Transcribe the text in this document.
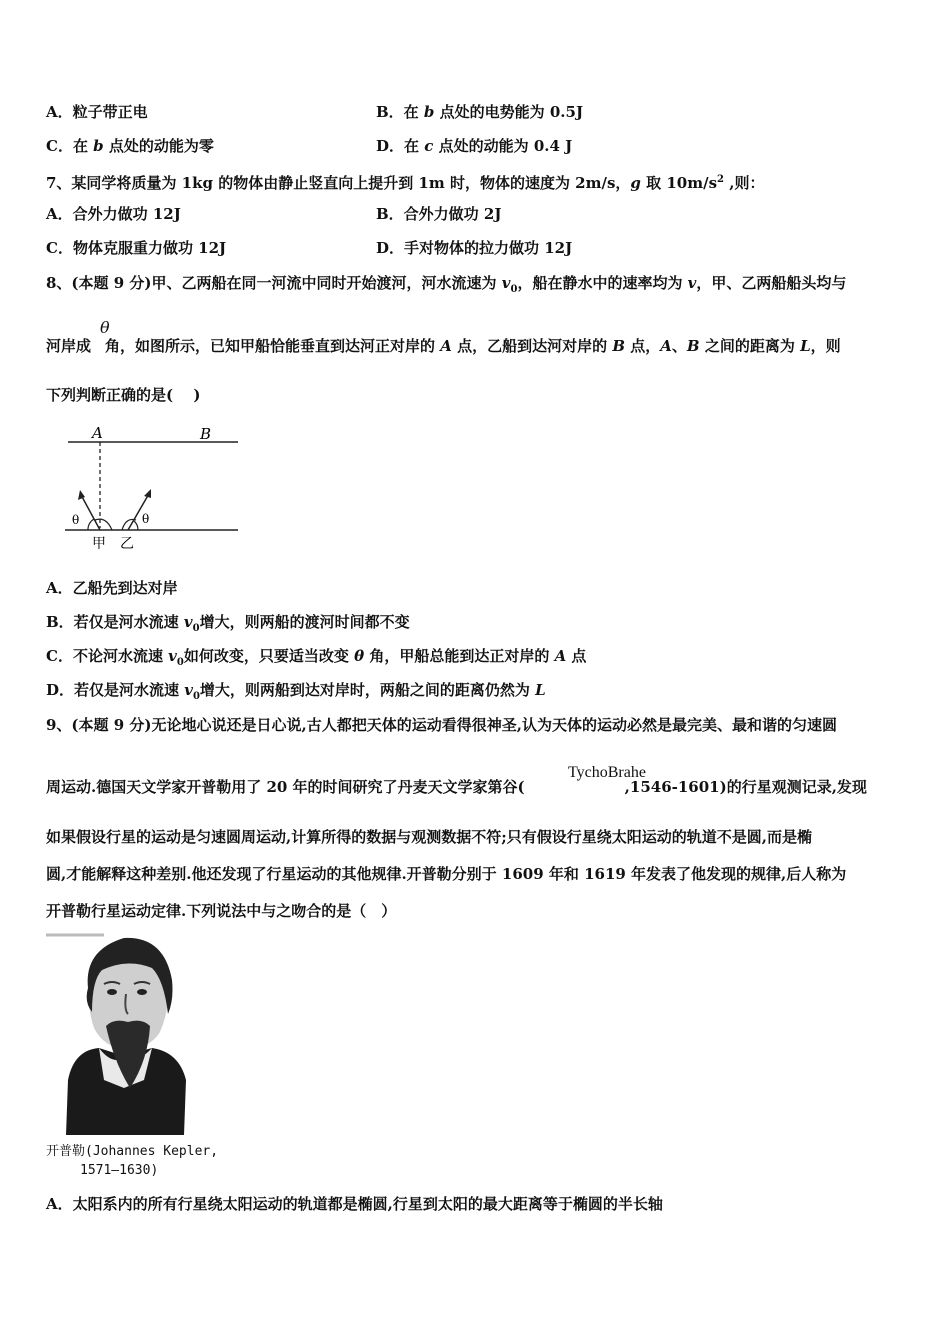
A．粒子带正电	B．在 b 点处的电势能为 0.5J
C．在 b 点处的动能为零	D．在 c 点处的动能为 0.4 J
7、某同学将质量为 1kg 的物体由静止竖直向上提升到 1m 时，物体的速度为 2m/s，g 取 $10m/s^2$ ,则：
A．合外力做功 12J	B．合外力做功 2J
C．物体克服重力做功 12J	D．手对物体的拉力做功 12J
8、(本题 9 分)甲、乙两船在同一河流中同时开始渡河，河水流速为 $v_0$，船在静水中的速率均为 v，甲、乙两船船头均与
θ
河岸成 角，如图所示，已知甲船恰能垂直到达河正对岸的 A 点，乙船到达河对岸的 B 点，A、B 之间的距离为 L，则
下列判断正确的是(　 )
A	B
θ	θ
甲 乙
A．乙船先到达对岸
B．若仅是河水流速 $v_0$增大，则两船的渡河时间都不变
C．不论河水流速 $v_0$如何改变，只要适当改变 θ 角，甲船总能到达正对岸的 A 点
D．若仅是河水流速 $v_0$增大，则两船到达对岸时，两船之间的距离仍然为 L
9、(本题 9 分)无论地心说还是日心说,古人都把天体的运动看得很神圣,认为天体的运动必然是最完美、最和谐的匀速圆
TychoBrahe
周运动.德国天文学家开普勒用了 20 年的时间研究了丹麦天文学家第谷(	,1546-1601)的行星观测记录,发现
如果假设行星的运动是匀速圆周运动,计算所得的数据与观测数据不符;只有假设行星绕太阳运动的轨道不是圆,而是椭
圆,才能解释这种差别.他还发现了行星运动的其他规律.开普勒分别于 1609 年和 1619 年发表了他发现的规律,后人称为
开普勒行星运动定律.下列说法中与之吻合的是（　）
开普勒(Johannes Kepler,
1571—1630)
A．太阳系内的所有行星绕太阳运动的轨道都是椭圆,行星到太阳的最大距离等于椭圆的半长轴
